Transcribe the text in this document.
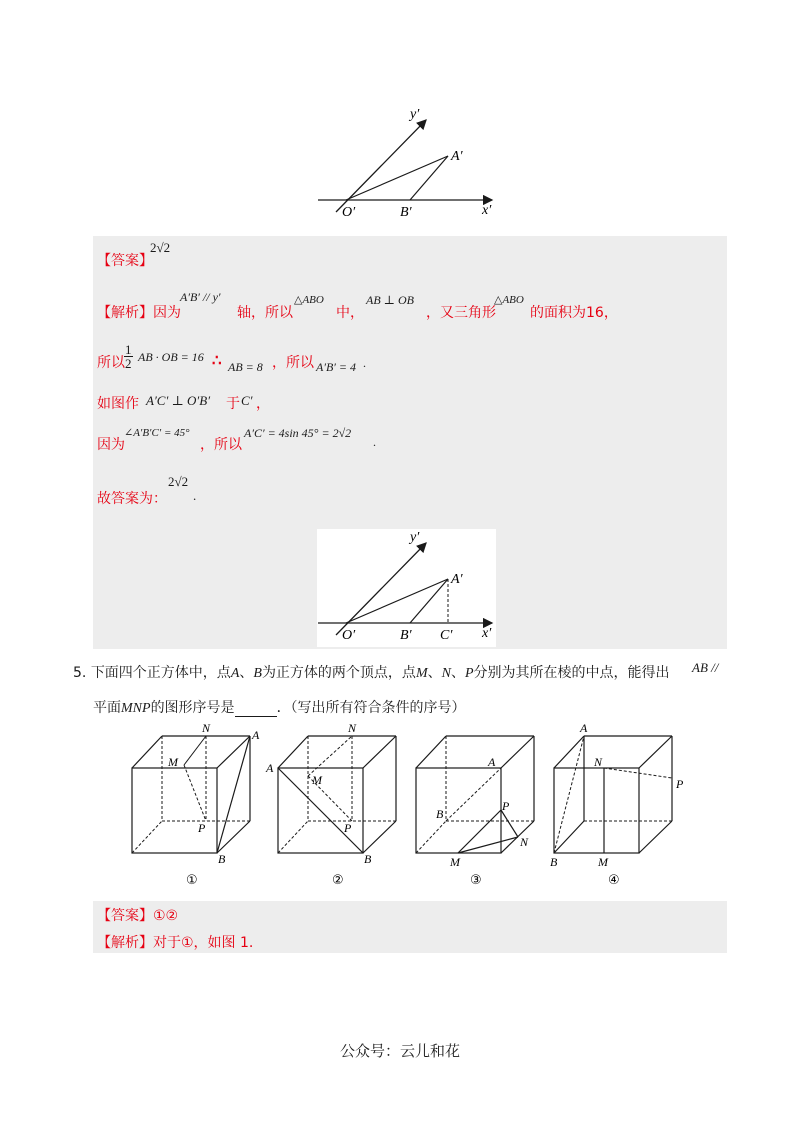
y′
x′
A′
O′	B′
【答案】
2√2
【解析】因为
A′B′ // y′
轴，所以
△ABO
中，
AB ⊥ OB
，又三角形
△ABO
的面积为16，
所以 $\frac{1}{2}$ AB · OB = 16 ∴ AB = 8 ，所以 A′B′ = 4 .
如图作 A′C′ ⊥ O′B′ 于 C′ ，
因为
∠A′B′C′ = 45°
，所以
A′C′ = 4sin 45° = 2√2
.
故答案为：
2√2
.
y′
x′
A′
O′	B′ C′
5. 下面四个正方体中，点A、B为正方体的两个顶点，点M、N、P分别为其所在棱的中点，能得出 AB //
平面MNP的图形序号是	．（写出所有符合条件的序号）
N	A
M
P
B
①
N
A
M
P
B
②
A
B
P
N
M
③
A
N
P
B	M
④
【答案】①②
【解析】对于①，如图 1.
公众号：云儿和花
